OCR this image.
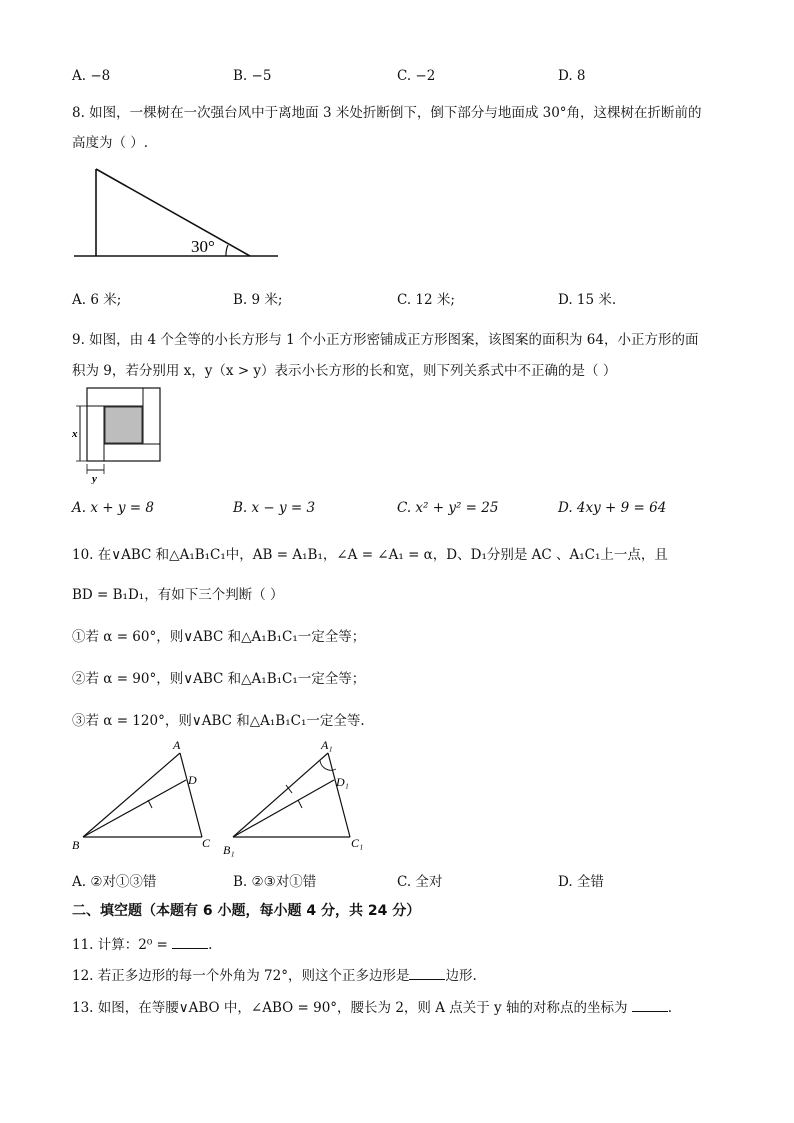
A. −8	B. −5	C. −2	D. 8
8. 如图，一棵树在一次强台风中于离地面 3 米处折断倒下，倒下部分与地面成 30°角，这棵树在折断前的
高度为（ ）.
30°
A. 6 米;	B. 9 米;	C. 12 米;	D. 15 米.
9. 如图，由 4 个全等的小长方形与 1 个小正方形密铺成正方形图案，该图案的面积为 64，小正方形的面
积为 9，若分别用 x，y（x > y）表示小长方形的长和宽，则下列关系式中不正确的是（ ）
x
y
A. x + y = 8	B. x − y = 3	C. x² + y² = 25	D. 4xy + 9 = 64
10. 在∨ABC 和△A₁B₁C₁中，AB = A₁B₁，∠A = ∠A₁ = α，D、D₁分别是 AC 、A₁C₁上一点，且
BD = B₁D₁，有如下三个判断（ ）
①若 α = 60°，则∨ABC 和△A₁B₁C₁一定全等；
②若 α = 90°，则∨ABC 和△A₁B₁C₁一定全等；
③若 α = 120°，则∨ABC 和△A₁B₁C₁一定全等.
A
B	C
D
A₁
B₁	C₁
D₁
A. ②对①③错	B. ②③对①错	C. 全对	D. 全错
二、填空题（本题有 6 小题，每小题 4 分，共 24 分）
11. 计算：2⁰ =	.
12. 若正多边形的每一个外角为 72°，则这个正多边形是	边形.
13. 如图，在等腰∨ABO 中，∠ABO = 90°，腰长为 2，则 A 点关于 y 轴的对称点的坐标为	.
